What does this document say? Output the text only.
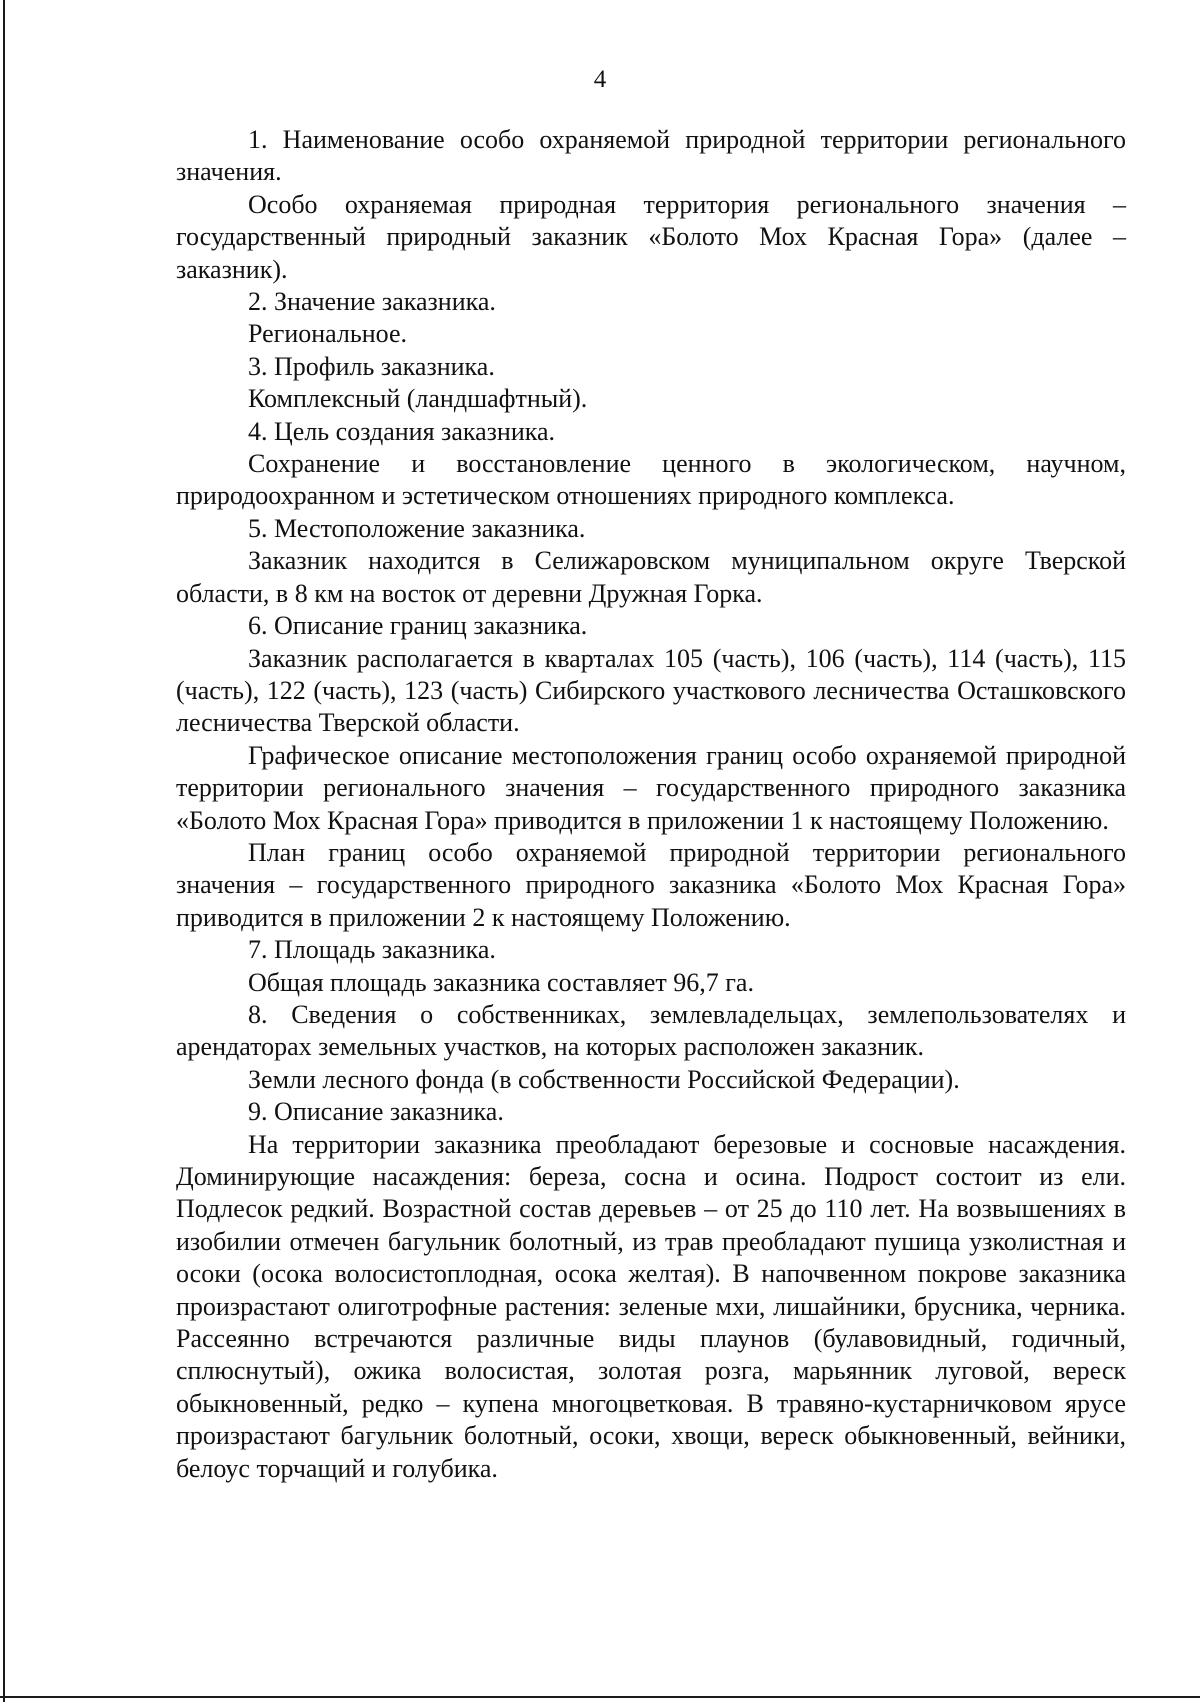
4

1. Наименование особо охраняемой природной территории регионального значения.

Особо охраняемая природная территория регионального значения – государственный природный заказник «Болото Мох Красная Гора» (далее – заказник).

2. Значение заказника.

Региональное.

3. Профиль заказника.

Комплексный (ландшафтный).

4. Цель создания заказника.

Сохранение и восстановление ценного в экологическом, научном, природоохранном и эстетическом отношениях природного комплекса.

5. Местоположение заказника.

Заказник находится в Селижаровском муниципальном округе Тверской области, в 8 км на восток от деревни Дружная Горка.

6. Описание границ заказника.

Заказник располагается в кварталах 105 (часть), 106 (часть), 114 (часть), 115 (часть), 122 (часть), 123 (часть) Сибирского участкового лесничества Осташковского лесничества Тверской области.

Графическое описание местоположения границ особо охраняемой природной территории регионального значения – государственного природного заказника «Болото Мох Красная Гора» приводится в приложении 1 к настоящему Положению.

План границ особо охраняемой природной территории регионального значения – государственного природного заказника «Болото Мох Красная Гора» приводится в приложении 2 к настоящему Положению.

7. Площадь заказника.

Общая площадь заказника составляет 96,7 га.

8. Сведения о собственниках, землевладельцах, землепользователях и арендаторах земельных участков, на которых расположен заказник.

Земли лесного фонда (в собственности Российской Федерации).

9. Описание заказника.

На территории заказника преобладают березовые и сосновые насаждения. Доминирующие насаждения: береза, сосна и осина. Подрост состоит из ели. Подлесок редкий. Возрастной состав деревьев – от 25 до 110 лет. На возвышениях в изобилии отмечен багульник болотный, из трав преобладают пушица узколистная и осоки (осока волосистоплодная, осока желтая). В напочвенном покрове заказника произрастают олиготрофные растения: зеленые мхи, лишайники, брусника, черника. Рассеянно встречаются различные виды плаунов (булавовидный, годичный, сплюснутый), ожика волосистая, золотая розга, марьянник луговой, вереск обыкновенный, редко – купена многоцветковая. В травяно-кустарничковом ярусе произрастают багульник болотный, осоки, хвощи, вереск обыкновенный, вейники, белоус торчащий и голубика.
